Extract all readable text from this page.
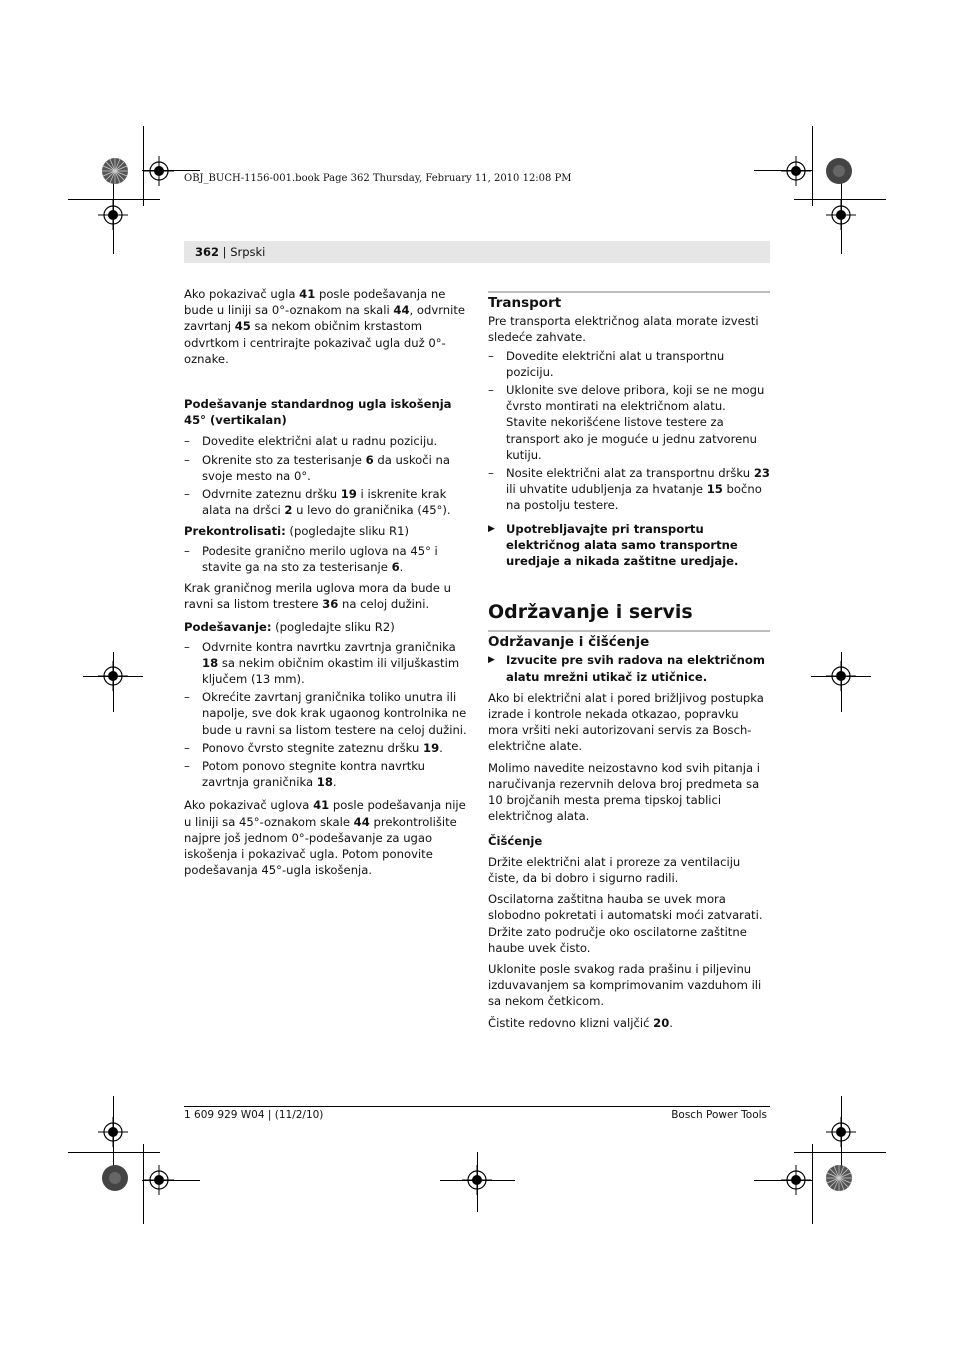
OBJ_BUCH-1156-001.book Page 362 Thursday, February 11, 2010 12:08 PM
362 | Srpski

Ako pokazivač ugla 41 posle podešavanja ne bude u liniji sa 0°-oznakom na skali 44, odvrnite zavrtanj 45 sa nekom običnim krstastom odvrtkom i centrirajte pokazivač ugla duž 0°-oznake.

Podešavanje standardnog ugla iskošenja 45° (vertikalan)

– Dovedite električni alat u radnu poziciju.

– Okrenite sto za testerisanje 6 da uskoči na svoje mesto na 0°.

– Odvrnite zateznu dršku 19 i iskrenite krak alata na dršci 2 u levo do graničnika (45°).

Prekontrolisati: (pogledajte sliku R1)

– Podesite granično merilo uglova na 45° i stavite ga na sto za testerisanje 6.

Krak graničnog merila uglova mora da bude u ravni sa listom trestere 36 na celoj dužini.

Podešavanje: (pogledajte sliku R2)

– Odvrnite kontra navrtku zavrtnja graničnika 18 sa nekim običnim okastim ili viljuškastim ključem (13 mm).

– Okrećite zavrtanj graničnika toliko unutra ili napolje, sve dok krak ugaonog kontrolnika ne bude u ravni sa listom testere na celoj dužini.

– Ponovo čvrsto stegnite zateznu dršku 19.

– Potom ponovo stegnite kontra navrtku zavrtnja graničnika 18.

Ako pokazivač uglova 41 posle podešavanja nije u liniji sa 45°-oznakom skale 44 prekontrolišite najpre još jednom 0°-podešavanje za ugao iskošenja i pokazivač ugla. Potom ponovite podešavanja 45°-ugla iskošenja.

Transport

Pre transporta električnog alata morate izvesti sledeće zahvate.

– Dovedite električni alat u transportnu poziciju.

– Uklonite sve delove pribora, koji se ne mogu čvrsto montirati na električnom alatu. Stavite nekorišćene listove testere za transport ako je moguće u jednu zatvorenu kutiju.

– Nosite električni alat za transportnu dršku 23 ili uhvatite udubljenja za hvatanje 15 bočno na postolju testere.

▶ Upotrebljavajte pri transportu električnog alata samo transportne uredjaje a nikada zaštitne uredjaje.

Održavanje i servis

Održavanje i čišćenje

▶ Izvucite pre svih radova na električnom alatu mrežni utikač iz utičnice.

Ako bi električni alat i pored brižljivog postupka izrade i kontrole nekada otkazao, popravku mora vršiti neki autorizovani servis za Bosch-električne alate.

Molimo navedite neizostavno kod svih pitanja i naručivanja rezervnih delova broj predmeta sa 10 brojčanih mesta prema tipskoj tablici električnog alata.

Čišćenje

Držite električni alat i proreze za ventilaciju čiste, da bi dobro i sigurno radili.

Oscilatorna zaštitna hauba se uvek mora slobodno pokretati i automatski moći zatvarati. Držite zato područje oko oscilatorne zaštitne haube uvek čisto.

Uklonite posle svakog rada prašinu i piljevinu izduvavanjem sa komprimovanim vazduhom ili sa nekom četkicom.

Čistite redovno klizni valjčić 20.

1 609 929 W04 | (11/2/10)	Bosch Power Tools
